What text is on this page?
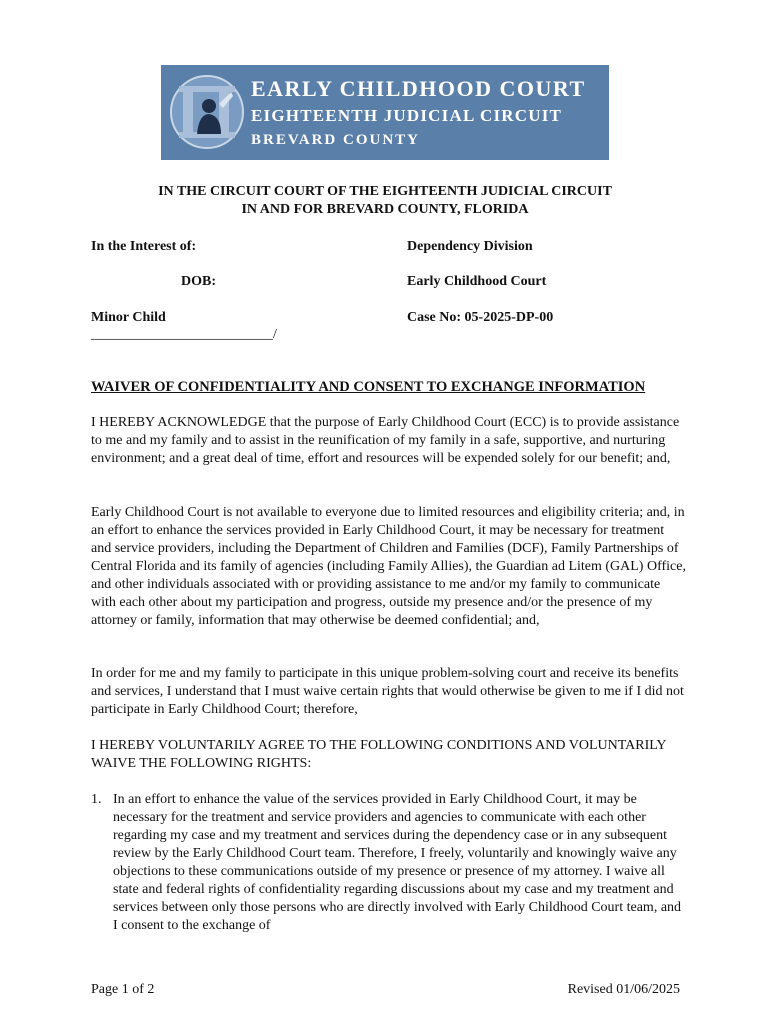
EARLY CHILDHOOD COURT
EIGHTEENTH JUDICIAL CIRCUIT
BREVARD COUNTY
IN THE CIRCUIT COURT OF THE EIGHTEENTH JUDICIAL CIRCUIT
IN AND FOR BREVARD COUNTY, FLORIDA
In the Interest of:
DOB:
Minor Child
__________________________/
Dependency Division
Early Childhood Court
Case No: 05-2025-DP-00
WAIVER OF CONFIDENTIALITY AND CONSENT TO EXCHANGE INFORMATION
I HEREBY ACKNOWLEDGE that the purpose of Early Childhood Court (ECC) is to provide assistance to me and my family and to assist in the reunification of my family in a safe, supportive, and nurturing environment; and a great deal of time, effort and resources will be expended solely for our benefit; and,
Early Childhood Court is not available to everyone due to limited resources and eligibility criteria; and, in an effort to enhance the services provided in Early Childhood Court, it may be necessary for treatment and service providers, including the Department of Children and Families (DCF), Family Partnerships of Central Florida and its family of agencies (including Family Allies), the Guardian ad Litem (GAL) Office, and other individuals associated with or providing assistance to me and/or my family to communicate with each other about my participation and progress, outside my presence and/or the presence of my attorney or family, information that may otherwise be deemed confidential; and,
In order for me and my family to participate in this unique problem-solving court and receive its benefits and services, I understand that I must waive certain rights that would otherwise be given to me if I did not participate in Early Childhood Court; therefore,
I HEREBY VOLUNTARILY AGREE TO THE FOLLOWING CONDITIONS AND VOLUNTARILY WAIVE THE FOLLOWING RIGHTS:
1. In an effort to enhance the value of the services provided in Early Childhood Court, it may be necessary for the treatment and service providers and agencies to communicate with each other regarding my case and my treatment and services during the dependency case or in any subsequent review by the Early Childhood Court team. Therefore, I freely, voluntarily and knowingly waive any objections to these communications outside of my presence or presence of my attorney. I waive all state and federal rights of confidentiality regarding discussions about my case and my treatment and services between only those persons who are directly involved with Early Childhood Court team, and I consent to the exchange of
Page 1 of 2	Revised 01/06/2025
